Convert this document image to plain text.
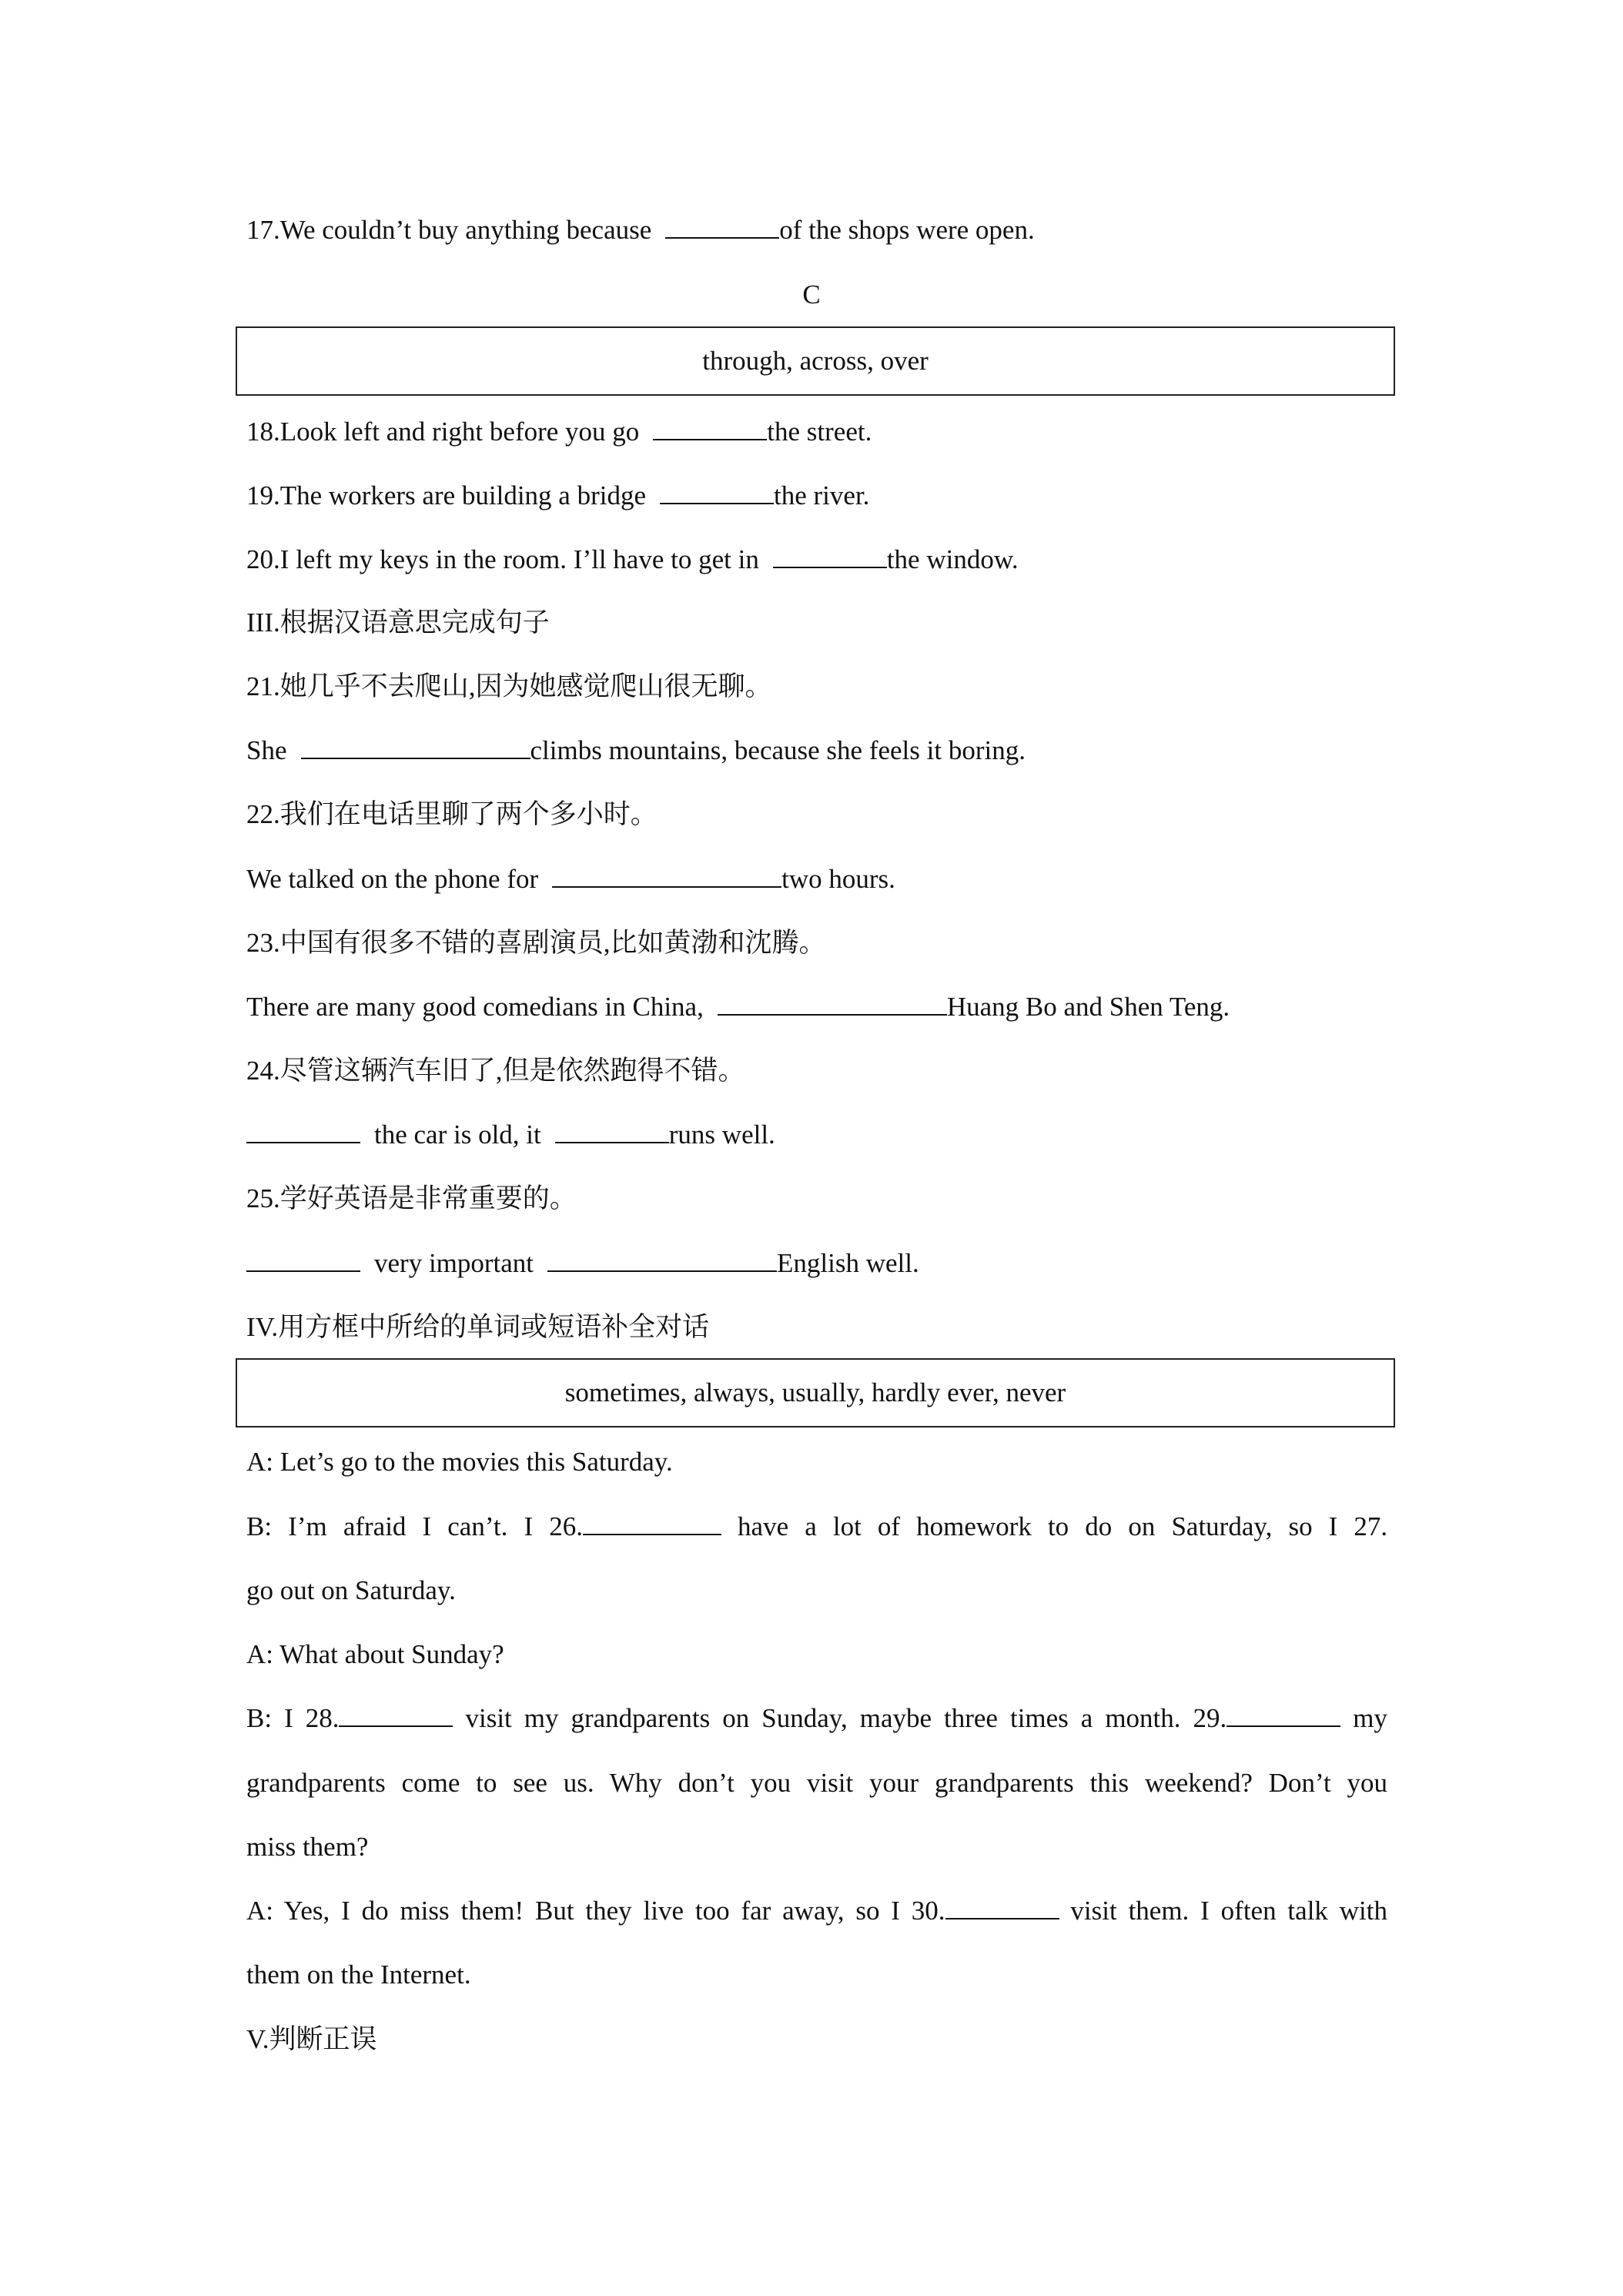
17.We couldn’t buy anything because	of the shops were open.
C
through, across, over
18.Look left and right before you go	the street.
19.The workers are building a bridge	the river.
20.I left my keys in the room. I’ll have to get in	the window.
III.根据汉语意思完成句子
21.她几乎不去爬山,因为她感觉爬山很无聊。
She	climbs mountains, because she feels it boring.
22.我们在电话里聊了两个多小时。
We talked on the phone for	two hours.
23.中国有很多不错的喜剧演员,比如黄渤和沈腾。
There are many good comedians in China,	Huang Bo and Shen Teng.
24.尽管这辆汽车旧了,但是依然跑得不错。
the car is old, it	runs well.
25.学好英语是非常重要的。
very important	English well.
IV.用方框中所给的单词或短语补全对话
sometimes, always, usually, hardly ever, never
A: Let’s go to the movies this Saturday.
B: I’m afraid I can’t. I 26.	have a lot of homework to do on Saturday, so I 27.
go out on Saturday.
A: What about Sunday?
B: I 28.	visit my grandparents on Sunday, maybe three times a month. 29.	my
grandparents come to see us. Why don’t you visit your grandparents this weekend? Don’t you
miss them?
A: Yes, I do miss them! But they live too far away, so I 30.	visit them. I often talk with
them on the Internet.
V.判断正误
